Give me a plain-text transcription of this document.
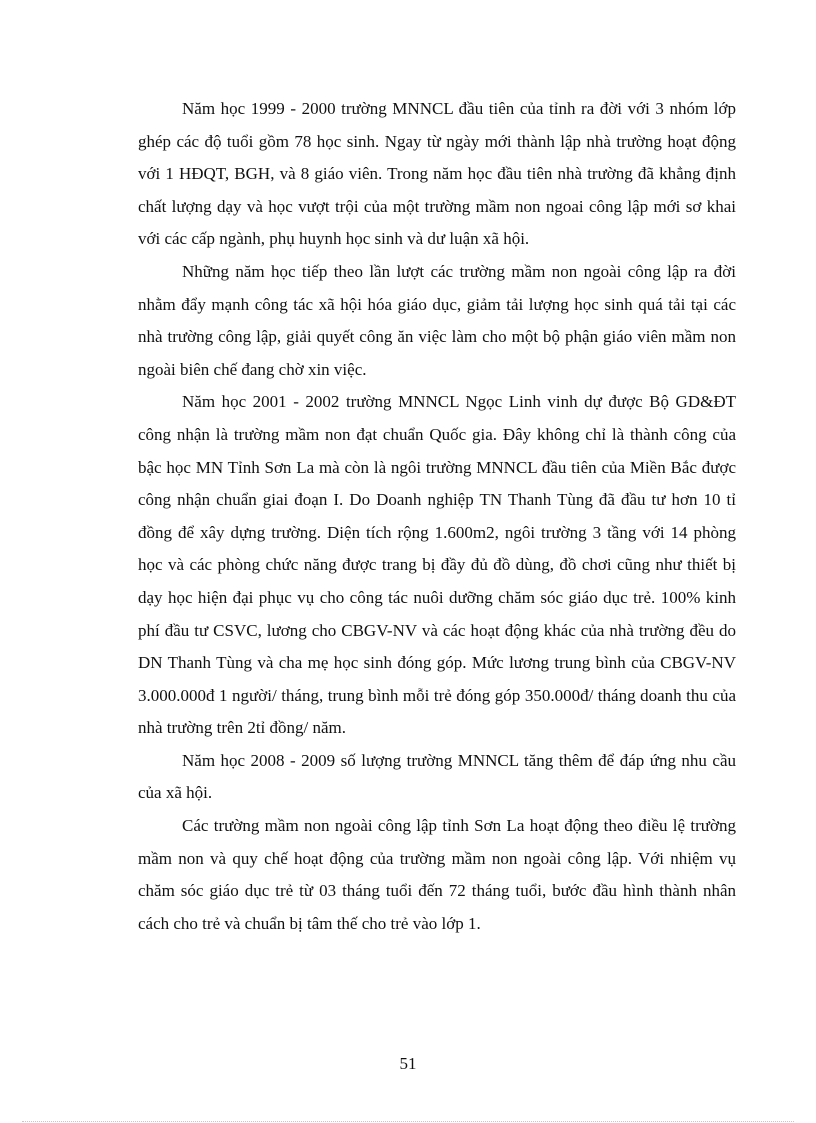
Năm học 1999 - 2000 trường MNNCL đầu tiên của tỉnh ra đời với 3 nhóm lớp ghép các độ tuổi gồm 78 học sinh. Ngay từ ngày mới thành lập nhà trường hoạt động với 1 HĐQT, BGH, và 8 giáo viên. Trong năm học đầu tiên nhà trường đã khẳng định chất lượng dạy và học vượt trội của một trường mầm non ngoai công lập mới sơ khai với các cấp ngành, phụ huynh học sinh và dư luận xã hội.

Những năm học tiếp theo lần lượt các trường mầm non ngoài công lập ra đời nhằm đẩy mạnh công tác xã hội hóa giáo dục, giảm tải lượng học sinh quá tải tại các nhà trường công lập, giải quyết công ăn việc làm cho một bộ phận giáo viên mầm non ngoài biên chế đang chờ xin việc.

Năm học 2001 - 2002 trường MNNCL Ngọc Linh vinh dự được Bộ GD&ĐT công nhận là trường mầm non đạt chuẩn Quốc gia. Đây không chỉ là thành công của bậc học MN Tỉnh Sơn La mà còn là ngôi trường MNNCL đầu tiên của Miền Bắc được công nhận chuẩn giai đoạn I. Do Doanh nghiệp TN Thanh Tùng đã đầu tư hơn 10 tỉ đồng để xây dựng trường. Diện tích rộng 1.600m2, ngôi trường 3 tầng với 14 phòng học và các phòng chức năng được trang bị đầy đủ đồ dùng, đồ chơi cũng như thiết bị dạy học hiện đại phục vụ cho công tác nuôi dưỡng chăm sóc giáo dục trẻ. 100% kinh phí đầu tư CSVC, lương cho CBGV-NV và các hoạt động khác của nhà trường đều do DN Thanh Tùng và cha mẹ học sinh đóng góp. Mức lương trung bình của CBGV-NV 3.000.000đ 1 người/ tháng, trung bình mỗi trẻ đóng góp 350.000đ/ tháng doanh thu của nhà trường trên 2tỉ đồng/ năm.

Năm học 2008 - 2009 số lượng trường MNNCL tăng thêm để đáp ứng nhu cầu của xã hội.

Các trường mầm non ngoài công lập tỉnh Sơn La hoạt động theo điều lệ trường mầm non và quy chế hoạt động của trường mầm non ngoài công lập. Với nhiệm vụ chăm sóc giáo dục trẻ từ 03 tháng tuổi đến 72 tháng tuổi, bước đầu hình thành nhân cách cho trẻ và chuẩn bị tâm thế cho trẻ vào lớp 1.

51
